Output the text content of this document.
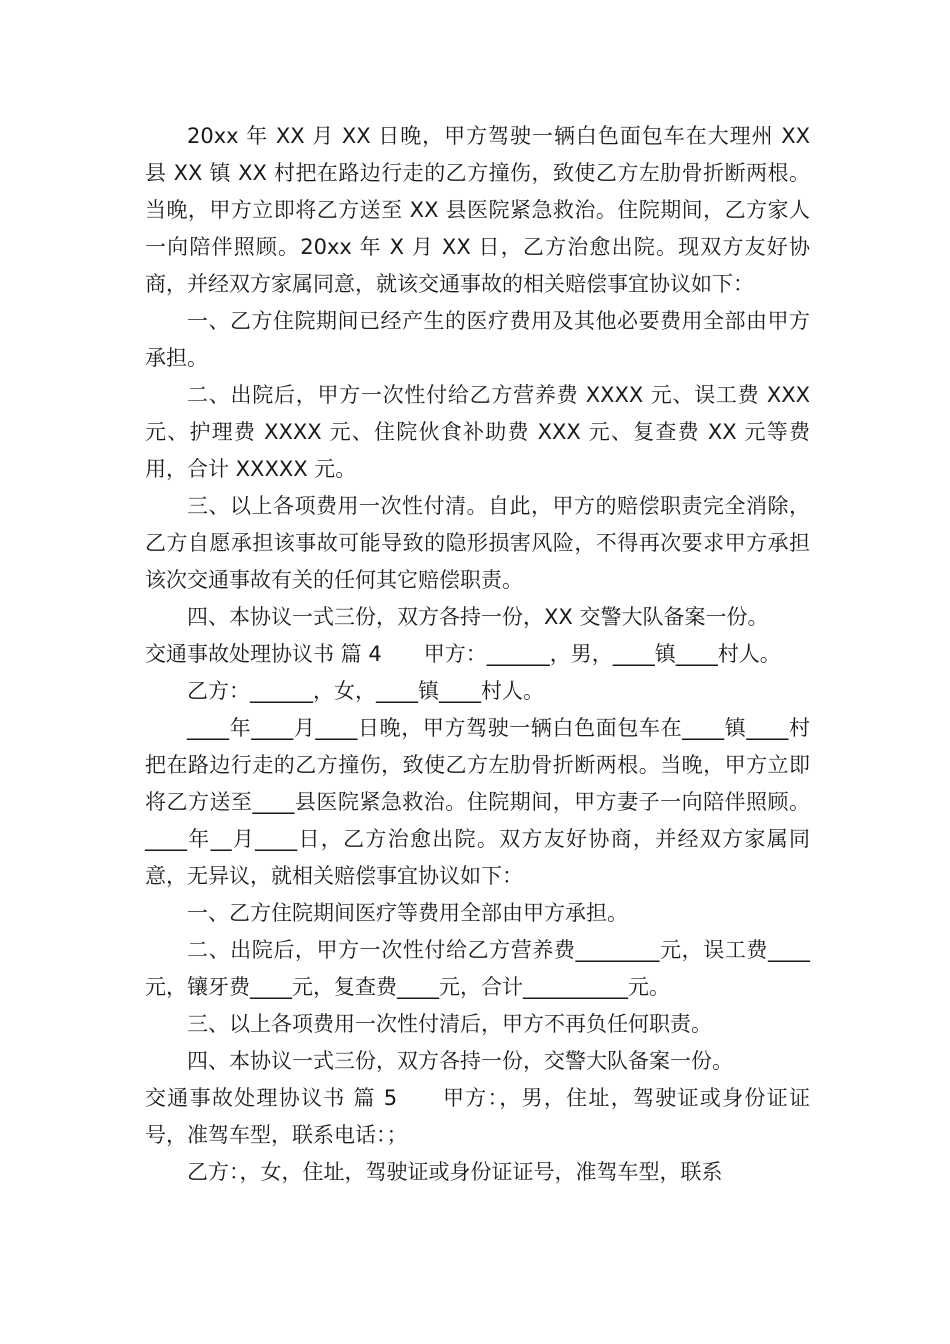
20xx 年 XX 月 XX 日晚，甲方驾驶一辆白色面包车在大理州 XX 县 XX 镇 XX 村把在路边行走的乙方撞伤，致使乙方左肋骨折断两根。当晚，甲方立即将乙方送至 XX 县医院紧急救治。住院期间，乙方家人一向陪伴照顾。20xx 年 X 月 XX 日，乙方治愈出院。现双方友好协商，并经双方家属同意，就该交通事故的相关赔偿事宜协议如下：

一、乙方住院期间已经产生的医疗费用及其他必要费用全部由甲方承担。

二、出院后，甲方一次性付给乙方营养费 XXXX 元、误工费 XXX 元、护理费 XXXX 元、住院伙食补助费 XXX 元、复查费 XX 元等费用，合计 XXXXX 元。

三、以上各项费用一次性付清。自此，甲方的赔偿职责完全消除，乙方自愿承担该事故可能导致的隐形损害风险，不得再次要求甲方承担该次交通事故有关的任何其它赔偿职责。

四、本协议一式三份，双方各持一份，XX 交警大队备案一份。

交通事故处理协议书 篇 4　　甲方：______，男，____镇____村人。

乙方：______，女，____镇____村人。

____年____月____日晚，甲方驾驶一辆白色面包车在____镇____村把在路边行走的乙方撞伤，致使乙方左肋骨折断两根。当晚，甲方立即将乙方送至____县医院紧急救治。住院期间，甲方妻子一向陪伴照顾。____年__月____日，乙方治愈出院。双方友好协商，并经双方家属同意，无异议，就相关赔偿事宜协议如下：

一、乙方住院期间医疗等费用全部由甲方承担。

二、出院后，甲方一次性付给乙方营养费________元，误工费____元，镶牙费____元，复查费____元，合计__________元。

三、以上各项费用一次性付清后，甲方不再负任何职责。

四、本协议一式三份，双方各持一份，交警大队备案一份。

交通事故处理协议书 篇 5　　甲方：，男，住址，驾驶证或身份证证号，准驾车型，联系电话：；

乙方：，女，住址，驾驶证或身份证证号，准驾车型，联系
